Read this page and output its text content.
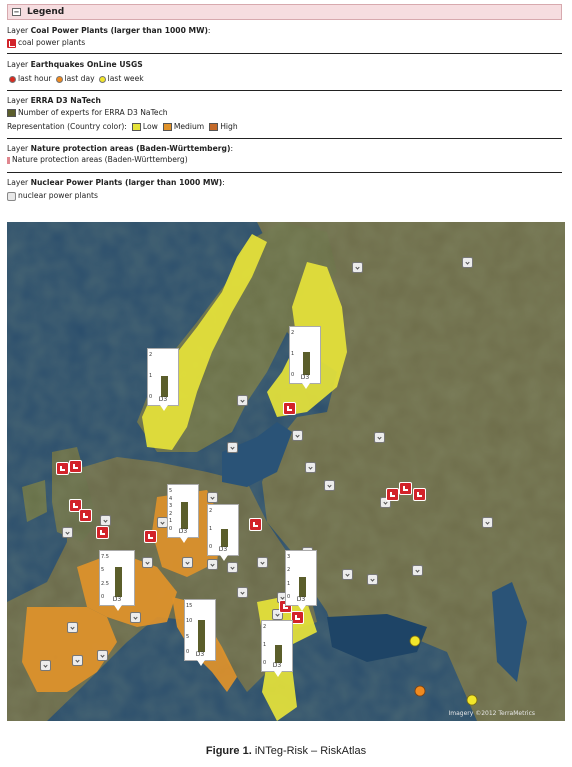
− Legend
Layer Coal Power Plants (larger than 1000 MW):
coal power plants
Layer Earthquakes OnLine USGS
last hour last day last week
Layer ERRA D3 NaTech
Number of experts for ERRA D3 NaTech
Representation (Country color): Low Medium High
Layer Nature protection areas (Baden-Württemberg):
Nature protection areas (Baden-Württemberg)
Layer Nuclear Power Plants (larger than 1000 MW):
nuclear power plants
2
1
0	D3
2
1
0	D3
5
4
3
2
1
0	D3
2
1
0	D3
7.5
5
2.5
0	D3
3
2
1
0	D3
2
1
0	D3
15
10
5
0	D3
Imagery ©2012 TerraMetrics
Figure 1. iNTeg-Risk – RiskAtlas
